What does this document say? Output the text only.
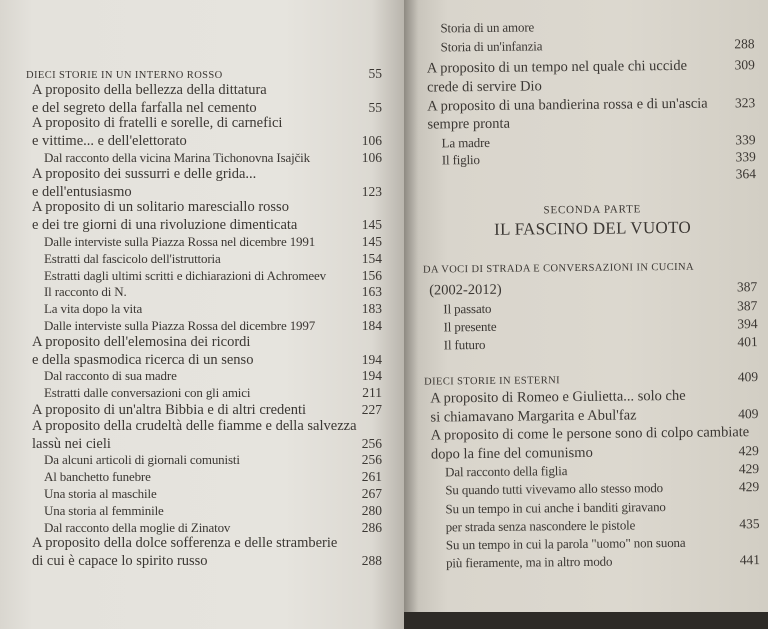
DIECI STORIE IN UN INTERNO ROSSO	55
A proposito della bellezza della dittatura
e del segreto della farfalla nel cemento	55
A proposito di fratelli e sorelle, di carnefici
e vittime... e dell'elettorato	106
Dal racconto della vicina Marina Tichonovna Isajčik	106
A proposito dei sussurri e delle grida...
e dell'entusiasmo	123
A proposito di un solitario maresciallo rosso
e dei tre giorni di una rivoluzione dimenticata	145
Dalle interviste sulla Piazza Rossa nel dicembre 1991	145
Estratti dal fascicolo dell'istruttoria	154
Estratti dagli ultimi scritti e dichiarazioni di Achromeev	156
Il racconto di N.	163
La vita dopo la vita	183
Dalle interviste sulla Piazza Rossa del dicembre 1997	184
A proposito dell'elemosina dei ricordi
e della spasmodica ricerca di un senso	194
Dal racconto di sua madre	194
Estratti dalle conversazioni con gli amici	211
A proposito di un'altra Bibbia e di altri credenti	227
A proposito della crudeltà delle fiamme e della salvezza
lassù nei cieli	256
Da alcuni articoli di giornali comunisti	256
Al banchetto funebre	261
Una storia al maschile	267
Una storia al femminile	280
Dal racconto della moglie di Zinatov	286
A proposito della dolce sofferenza e delle stramberie
di cui è capace lo spirito russo	288
Storia di un amore
Storia di un'infanzia	288
A proposito di un tempo nel quale chi uccide	309
crede di servire Dio
A proposito di una bandierina rossa e di un'ascia	323
sempre pronta
La madre	339
Il figlio	339
364
SECONDA PARTE
IL FASCINO DEL VUOTO
DA VOCI DI STRADA E CONVERSAZIONI IN CUCINA
(2002-2012)	387
Il passato	387
Il presente	394
Il futuro	401
DIECI STORIE IN ESTERNI	409
A proposito di Romeo e Giulietta... solo che
si chiamavano Margarita e Abul'faz	409
A proposito di come le persone sono di colpo cambiate
dopo la fine del comunismo	429
Dal racconto della figlia	429
Su quando tutti vivevamo allo stesso modo	429
Su un tempo in cui anche i banditi giravano
per strada senza nascondere le pistole	435
Su un tempo in cui la parola "uomo" non suona
più fieramente, ma in altro modo	441
